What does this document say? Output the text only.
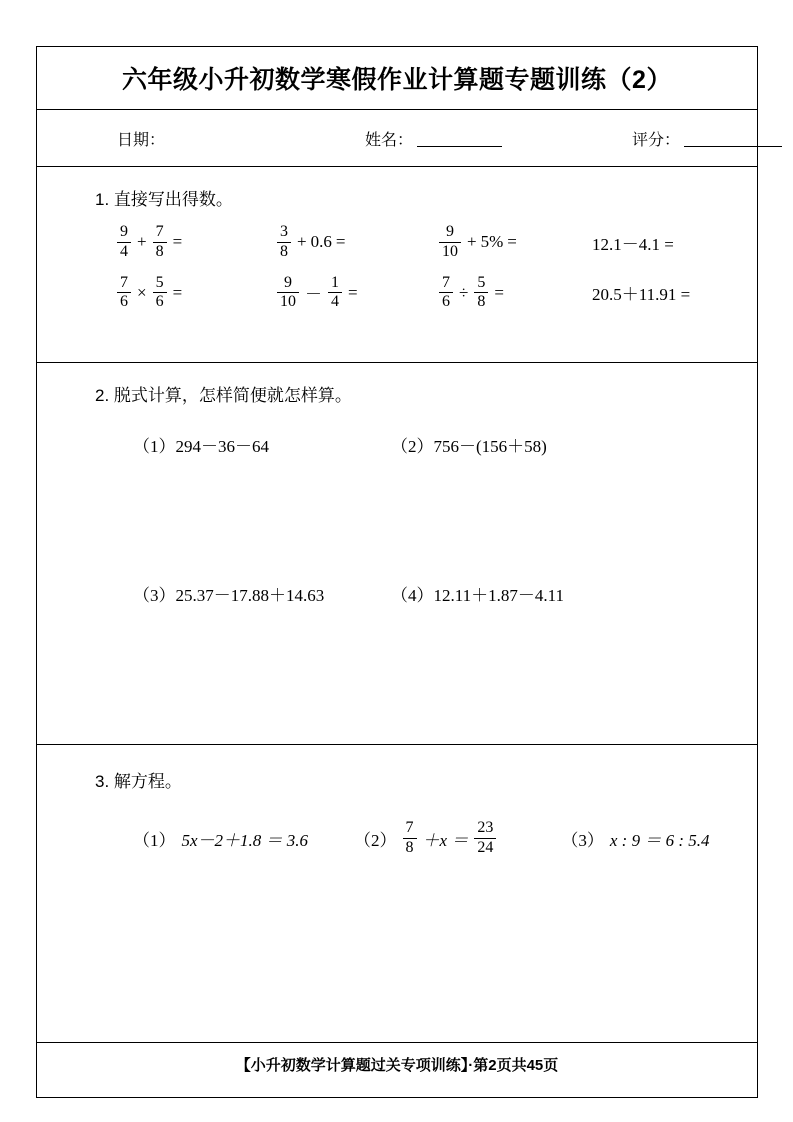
六年级小升初数学寒假作业计算题专题训练（2）
日期：	姓名：	评分：
1. 直接写出得数。
$\frac{9}{4} + \frac{7}{8}$ =	$\frac{3}{8} + 0.6$ =	$\frac{9}{10} + 5\%$ =	12.1－4.1 =
$\frac{7}{6} \times \frac{5}{6}$ =	$\frac{9}{10} - \frac{1}{4}$ =	$\frac{7}{6} \div \frac{5}{8}$ =	20.5＋11.91 =
2. 脱式计算，怎样简便就怎样算。
（1）294－36－64	（2）756－(156＋58)
（3）25.37－17.88＋14.63	（4）12.11＋1.87－4.11
3. 解方程。
（1） 5x－2＋1.8 ＝ 3.6	$(2) \frac{7}{8} +x = \frac{23}{24}$	（3） x : 9 ＝ 6 : 5.4
【小升初数学计算题过关专项训练】·第2页共45页
